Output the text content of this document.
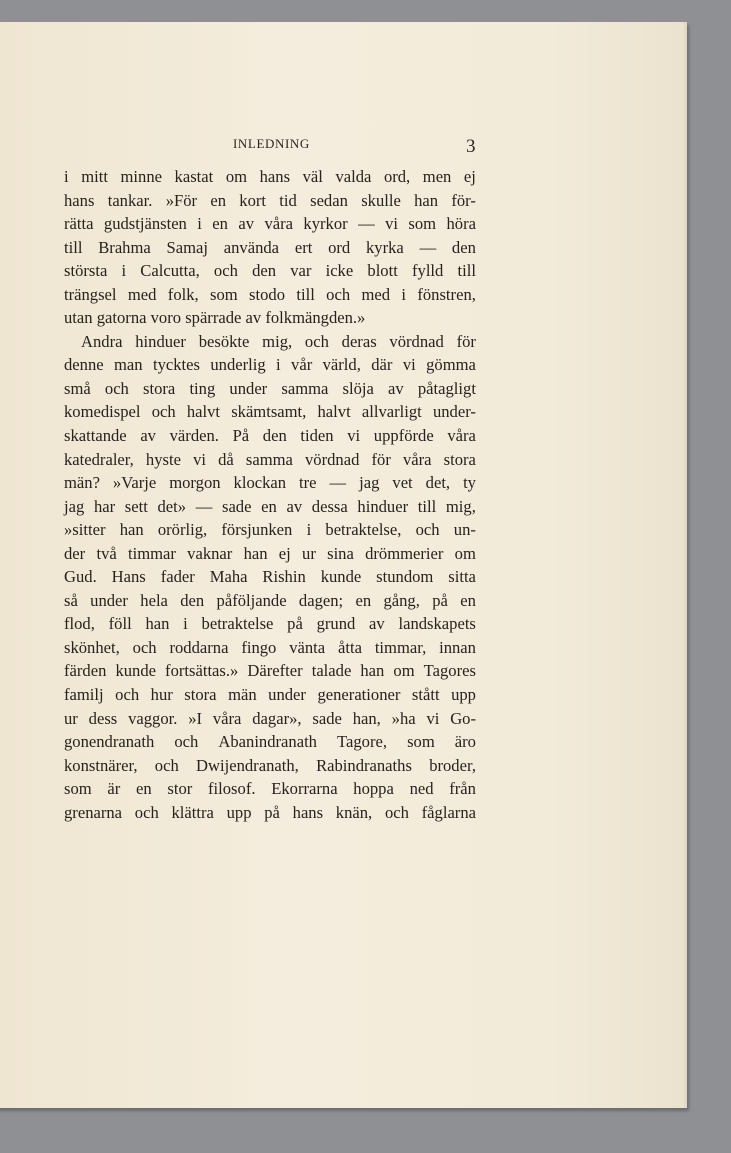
INLEDNING	3
i mitt minne kastat om hans väl valda ord, men ej
hans tankar. »För en kort tid sedan skulle han för-
rätta gudstjänsten i en av våra kyrkor — vi som höra
till Brahma Samaj använda ert ord kyrka — den
största i Calcutta, och den var icke blott fylld till
trängsel med folk, som stodo till och med i fönstren,
utan gatorna voro spärrade av folkmängden.»
Andra hinduer besökte mig, och deras vördnad för
denne man tycktes underlig i vår värld, där vi gömma
små och stora ting under samma slöja av påtagligt
komedispel och halvt skämtsamt, halvt allvarligt under-
skattande av värden. På den tiden vi uppförde våra
katedraler, hyste vi då samma vördnad för våra stora
män? »Varje morgon klockan tre — jag vet det, ty
jag har sett det» — sade en av dessa hinduer till mig,
»sitter han orörlig, försjunken i betraktelse, och un-
der två timmar vaknar han ej ur sina drömmerier om
Gud. Hans fader Maha Rishin kunde stundom sitta
så under hela den påföljande dagen; en gång, på en
flod, föll han i betraktelse på grund av landskapets
skönhet, och roddarna fingo vänta åtta timmar, innan
färden kunde fortsättas.» Därefter talade han om Tagores
familj och hur stora män under generationer stått upp
ur dess vaggor. »I våra dagar», sade han, »ha vi Go-
gonendranath och Abanindranath Tagore, som äro
konstnärer, och Dwijendranath, Rabindranaths broder,
som är en stor filosof. Ekorrarna hoppa ned från
grenarna och klättra upp på hans knän, och fåglarna
